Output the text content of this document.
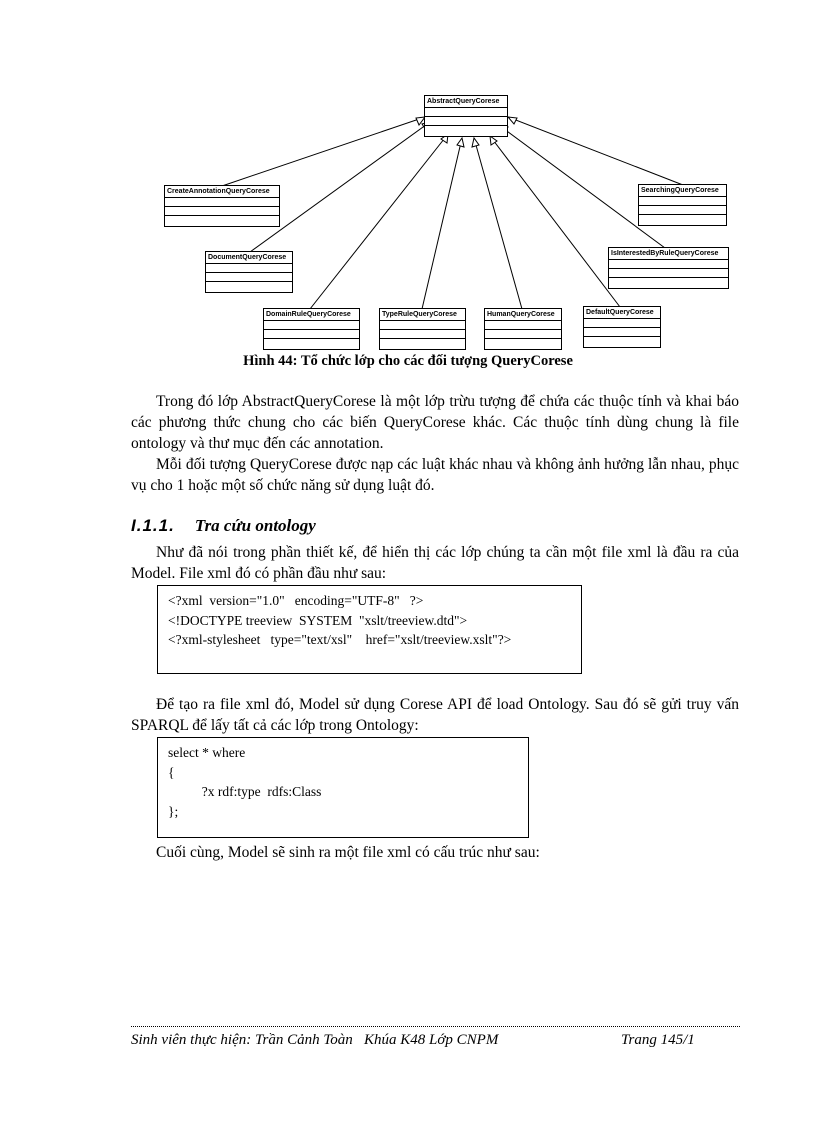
AbstractQueryCorese
CreateAnnotationQueryCorese
DocumentQueryCorese
DomainRuleQueryCorese	TypeRuleQueryCorese	HumanQueryCorese	DefaultQueryCorese
IsInterestedByRuleQueryCorese
SearchingQueryCorese
Hình 44: Tổ chức lớp cho các đối tượng QueryCorese

Trong đó lớp AbstractQueryCorese là một lớp trừu tượng để chứa các thuộc tính và khai báo các phương thức chung cho các biến QueryCorese khác. Các thuộc tính dùng chung là file ontology và thư mục đến các annotation.

Mỗi đối tượng QueryCorese được nạp các luật khác nhau và không ảnh hưởng lẫn nhau, phục vụ cho 1 hoặc một số chức năng sử dụng luật đó.

I.1.1. Tra cứu ontology

Như đã nói trong phần thiết kế, để hiển thị các lớp chúng ta cần một file xml là đầu ra của Model. File xml đó có phần đầu như sau:

<?xml  version="1.0"   encoding="UTF-8"   ?>
<!DOCTYPE treeview  SYSTEM  "xslt/treeview.dtd">
<?xml-stylesheet   type="text/xsl"    href="xslt/treeview.xslt"?>

Để tạo ra file xml đó, Model sử dụng Corese API để load Ontology. Sau đó sẽ gửi truy vấn SPARQL để lấy tất cả các lớp trong Ontology:

select * where
{
?x rdf:type  rdfs:Class
};

Cuối cùng, Model sẽ sinh ra một file xml có cấu trúc như sau:

Sinh viên thực hiện: Trần Cảnh Toàn   Khúa K48 Lớp CNPM	Trang 145/1
